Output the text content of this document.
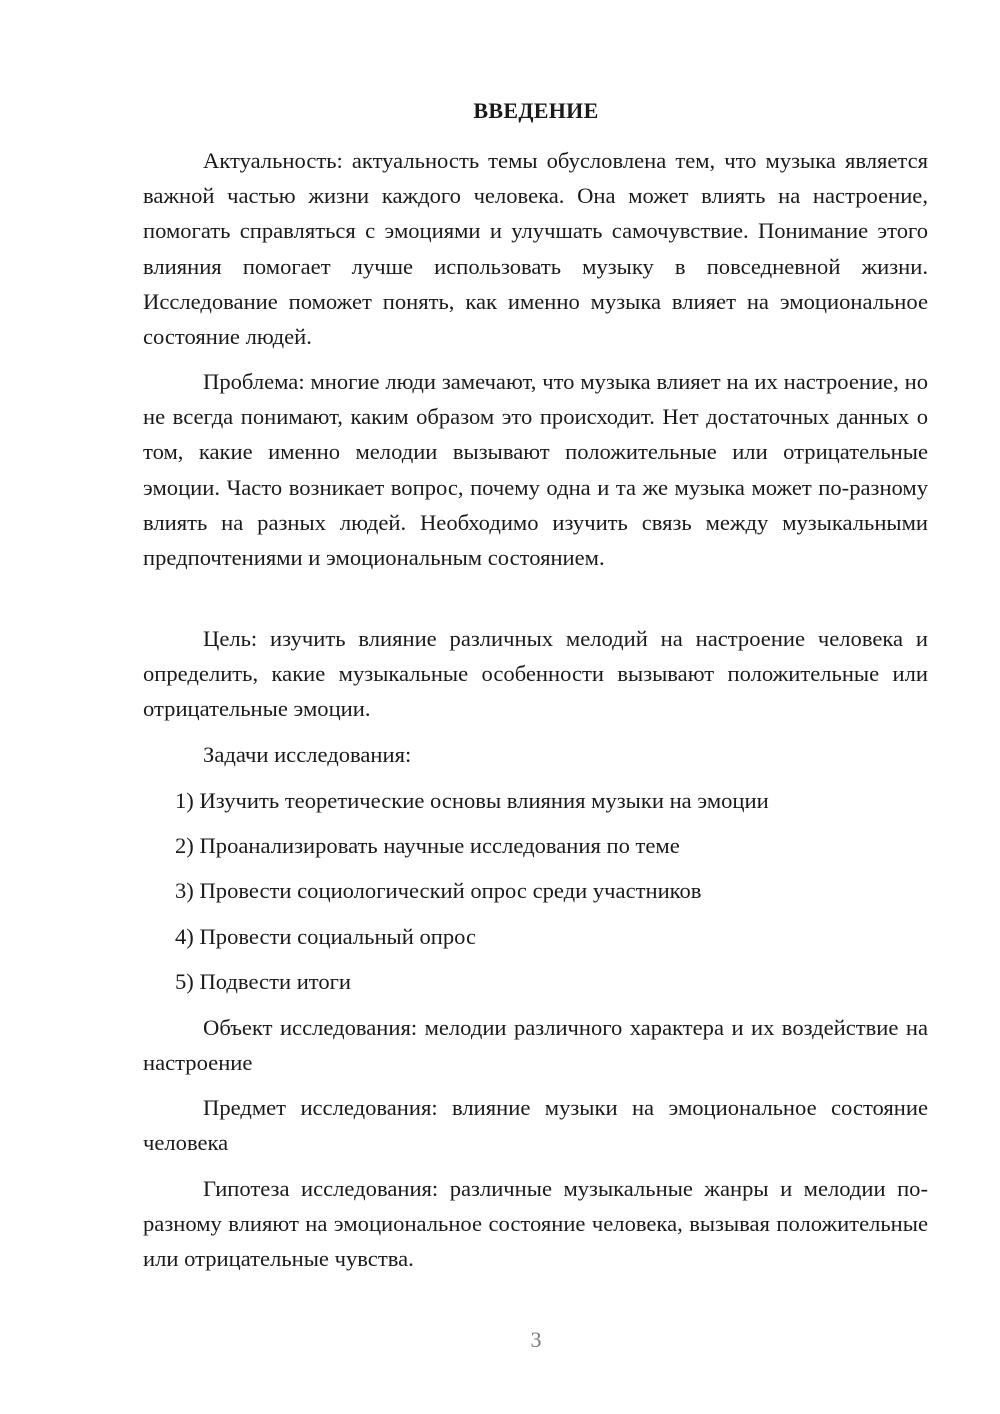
ВВЕДЕНИЕ

Актуальность: актуальность темы обусловлена тем, что музыка является важной частью жизни каждого человека. Она может влиять на настроение, помогать справляться с эмоциями и улучшать самочувствие. Понимание этого влияния помогает лучше использовать музыку в повседневной жизни. Исследование поможет понять, как именно музыка влияет на эмоциональное состояние людей.

Проблема: многие люди замечают, что музыка влияет на их настроение, но не всегда понимают, каким образом это происходит. Нет достаточных данных о том, какие именно мелодии вызывают положительные или отрицательные эмоции. Часто возникает вопрос, почему одна и та же музыка может по-разному влиять на разных людей. Необходимо изучить связь между музыкальными предпочтениями и эмоциональным состоянием.

Цель: изучить влияние различных мелодий на настроение человека и определить, какие музыкальные особенности вызывают положительные или отрицательные эмоции.

Задачи исследования:

1) Изучить теоретические основы влияния музыки на эмоции

2) Проанализировать научные исследования по теме

3) Провести социологический опрос среди участников

4) Провести социальный опрос

5) Подвести итоги

Объект исследования: мелодии различного характера и их воздействие на настроение

Предмет исследования: влияние музыки на эмоциональное состояние человека

Гипотеза исследования: различные музыкальные жанры и мелодии по-разному влияют на эмоциональное состояние человека, вызывая положительные или отрицательные чувства.

3
